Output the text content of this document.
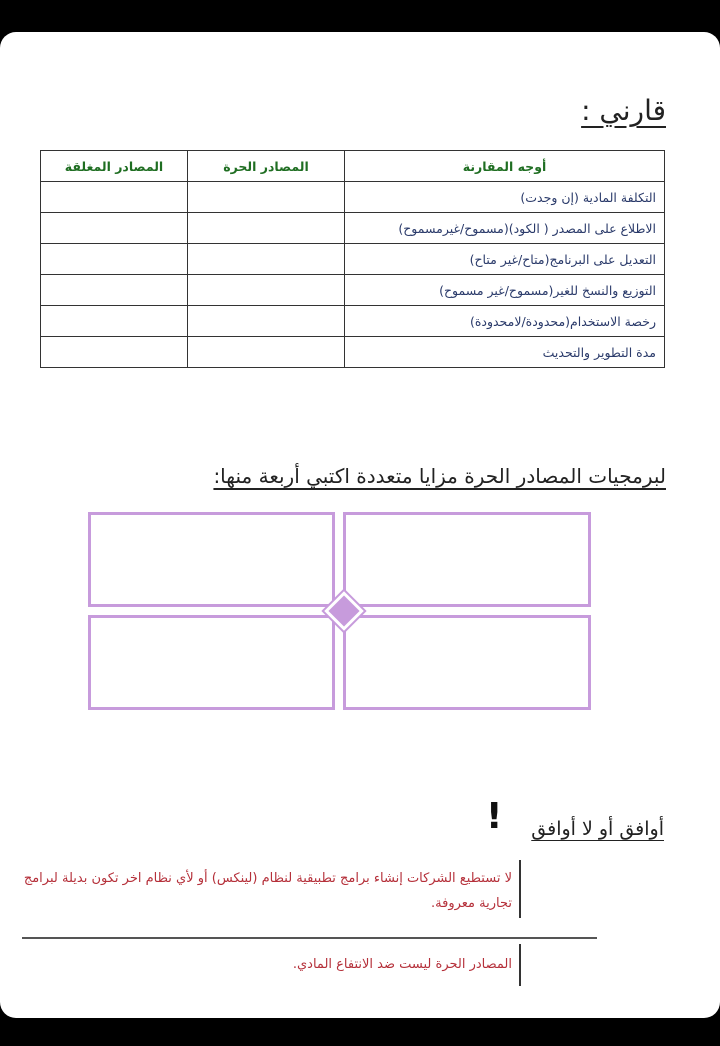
قارني :
أوجه المقارنة	المصادر الحرة	المصادر المغلقة
التكلفة المادية (إن وجدت)		
الاطلاع على المصدر ( الكود)(مسموح/غيرمسموح)		
التعديل على البرنامج(متاح/غير متاح)		
التوزيع والنسخ للغير(مسموح/غير مسموح)		
رخصة الاستخدام(محدودة/لامحدودة)		
مدة التطوير والتحديث		
لبرمجيات المصادر الحرة مزايا متعددة اكتبي أربعة منها:
! أوافق أو لا أوافق
لا تستطيع الشركات إنشاء برامج تطبيقية لنظام (لينكس) أو لأي نظام اخر تكون بديلة لبرامج تجارية معروفة.
المصادر الحرة ليست ضد الانتفاع المادي.
